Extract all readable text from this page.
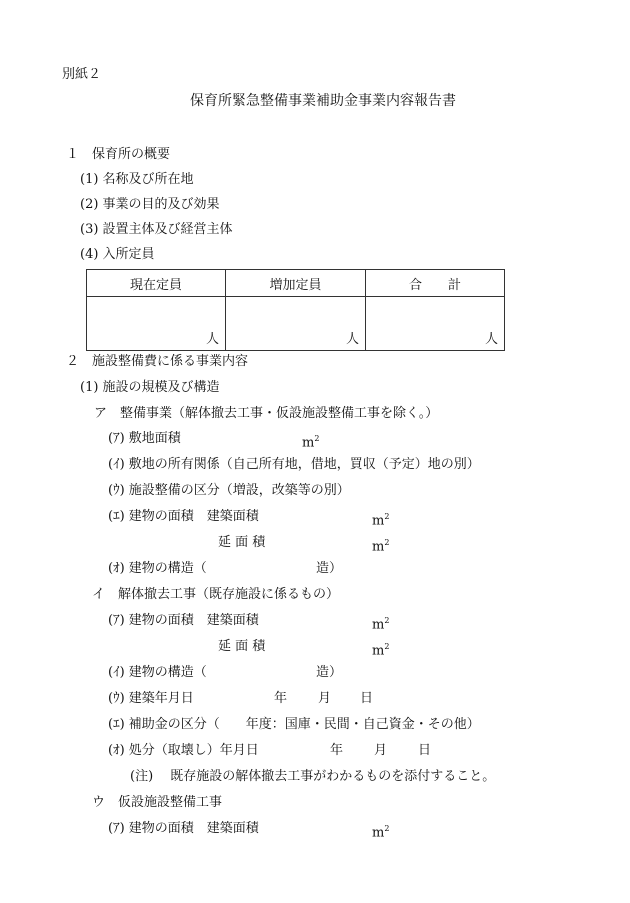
別紙２
保育所緊急整備事業補助金事業内容報告書
１　保育所の概要
(1) 名称及び所在地
(2) 事業の目的及び効果
(3) 設置主体及び経営主体
(4) 入所定員
現在定員	増加定員	合　　計
人	人	人
２　施設整備費に係る事業内容
(1) 施設の規模及び構造
ア　整備事業（解体撤去工事・仮設施設整備工事を除く。）
(ｱ) 敷地面積	$m^2$
(ｲ) 敷地の所有関係（自己所有地，借地，買収（予定）地の別）
(ｳ) 施設整備の区分（増設，改築等の別）
(ｴ) 建物の面積　建築面積	$m^2$
延 面 積	$m^2$
(ｵ) 建物の構造（	造）
イ　解体撤去工事（既存施設に係るもの）
(ｱ) 建物の面積　建築面積	$m^2$
延 面 積	$m^2$
(ｲ) 建物の構造（	造）
(ｳ) 建築年月日	年 月 日
(ｴ) 補助金の区分（　　年度：国庫・民間・自己資金・その他）
(ｵ) 処分（取壊し）年月日	年 月 日
(注)　 既存施設の解体撤去工事がわかるものを添付すること。
ウ　仮設施設整備工事
(ｱ) 建物の面積　建築面積	$m^2$
